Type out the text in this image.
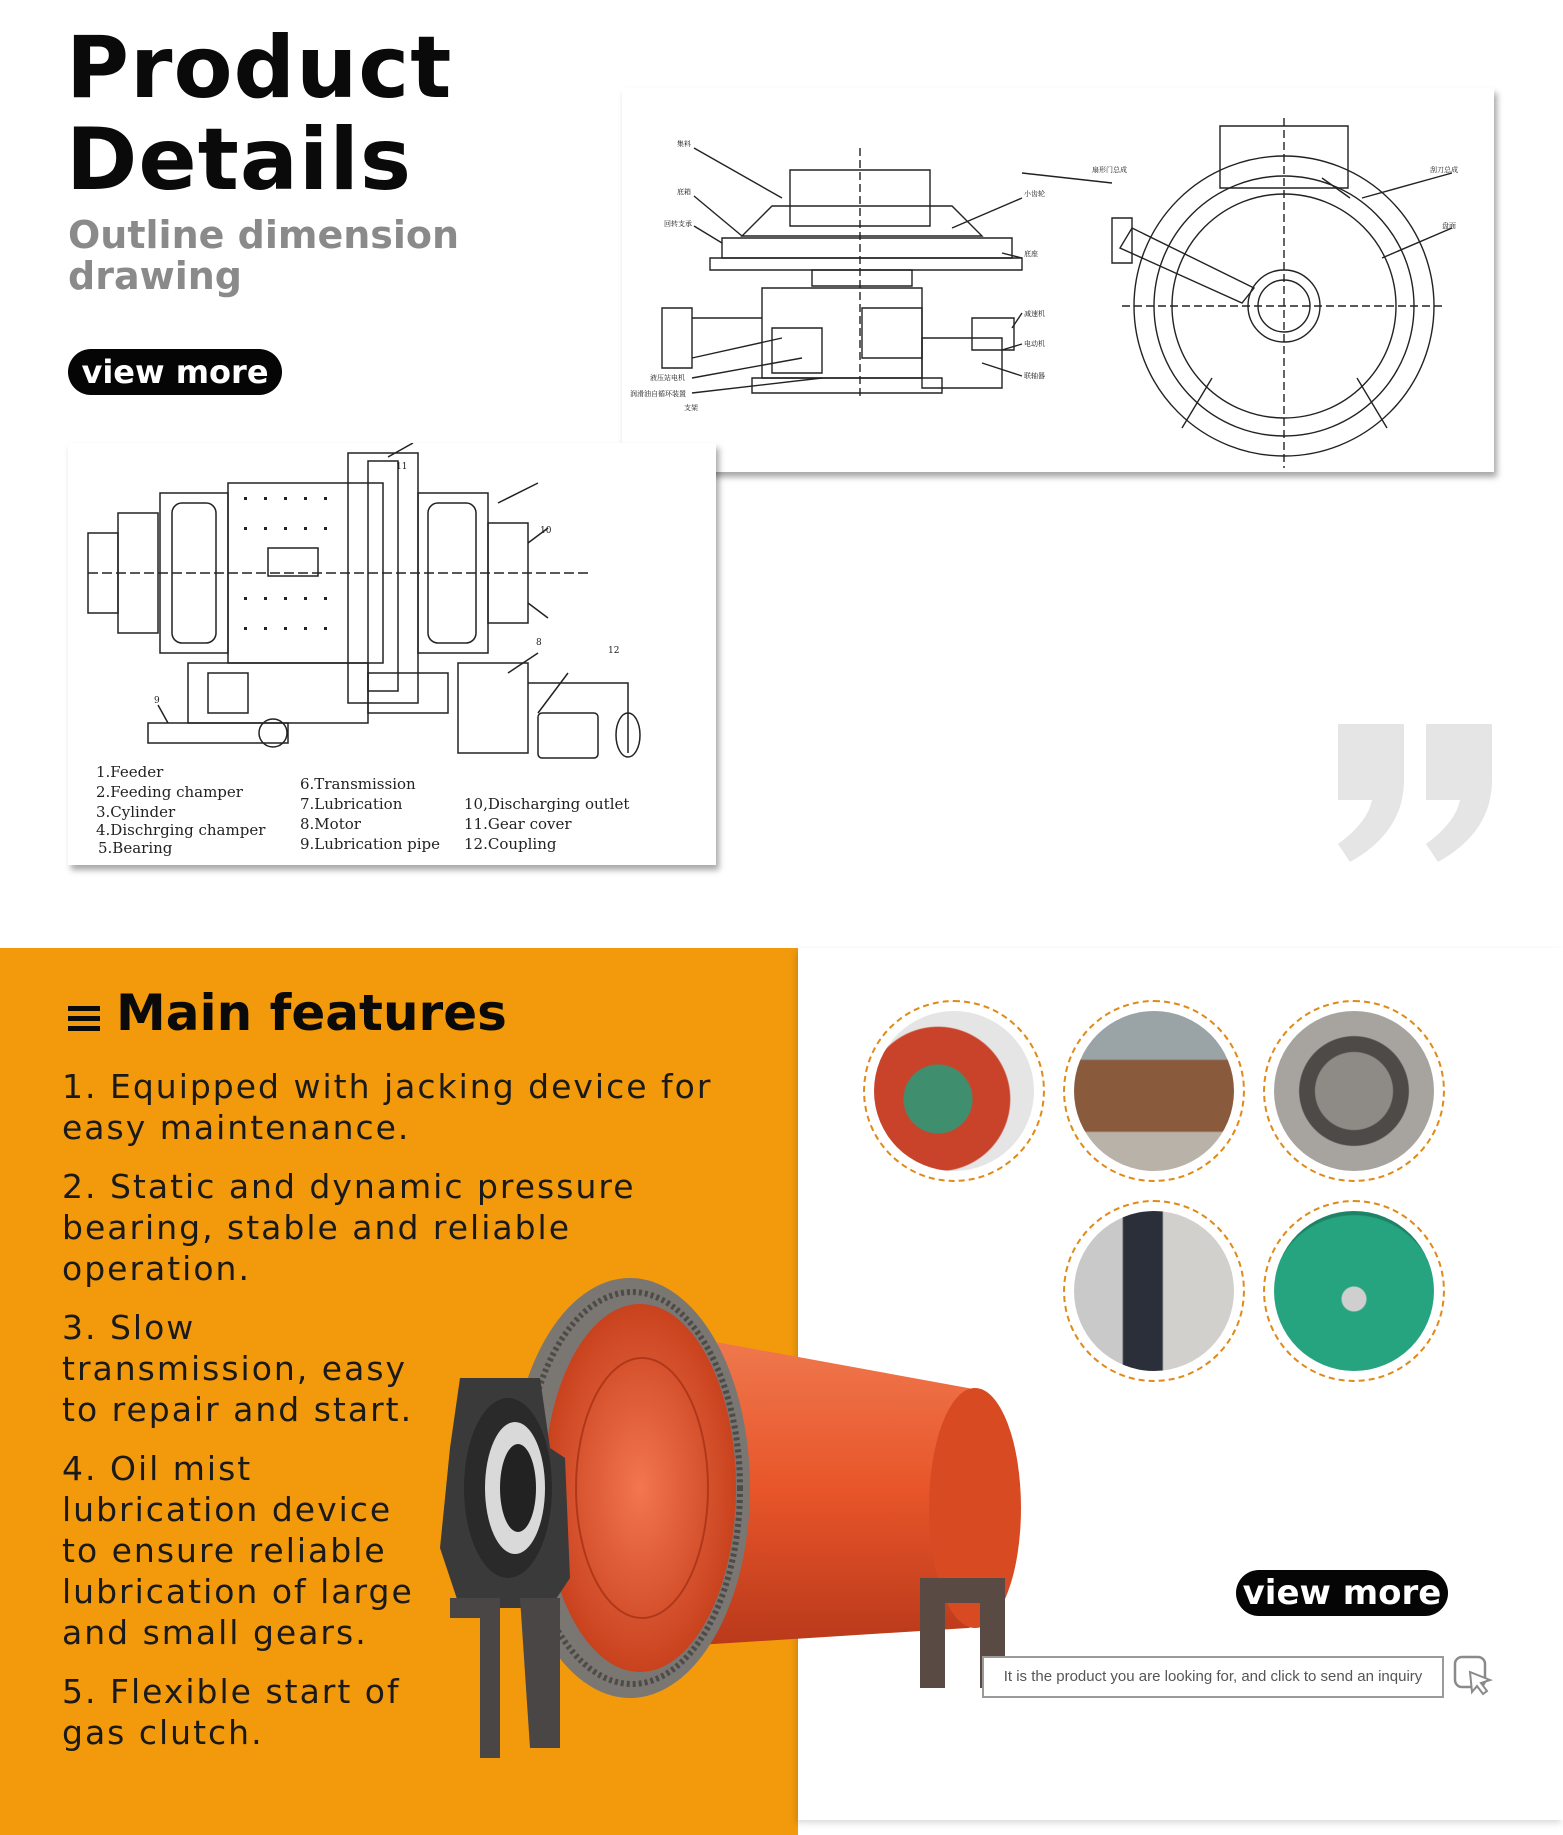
Product
Details
Outline dimension drawing
view more
集料
底箱
回转支承
液压站电机
润滑油自循环装置
支架
小齿轮
底座
减速机
电动机
联轴器
扇形门总成	刮刀总成
盘面
11
10
9
8
12
1.Feeder
2.Feeding champer
3.Cylinder
4.Dischrging champer
5.Bearing
6.Transmission
7.Lubrication
8.Motor
9.Lubrication pipe
10,Discharging outlet
11.Gear cover
12.Coupling
Main features

1. Equipped with jacking device for easy maintenance.

2. Static and dynamic pressure bearing, stable and reliable operation.

3. Slow transmission, easy to repair and start.

4. Oil mist lubrication device to ensure reliable lubrication of large and small gears.

5. Flexible start of gas clutch.

view more
It is the product you are looking for, and click to send an inquiry
